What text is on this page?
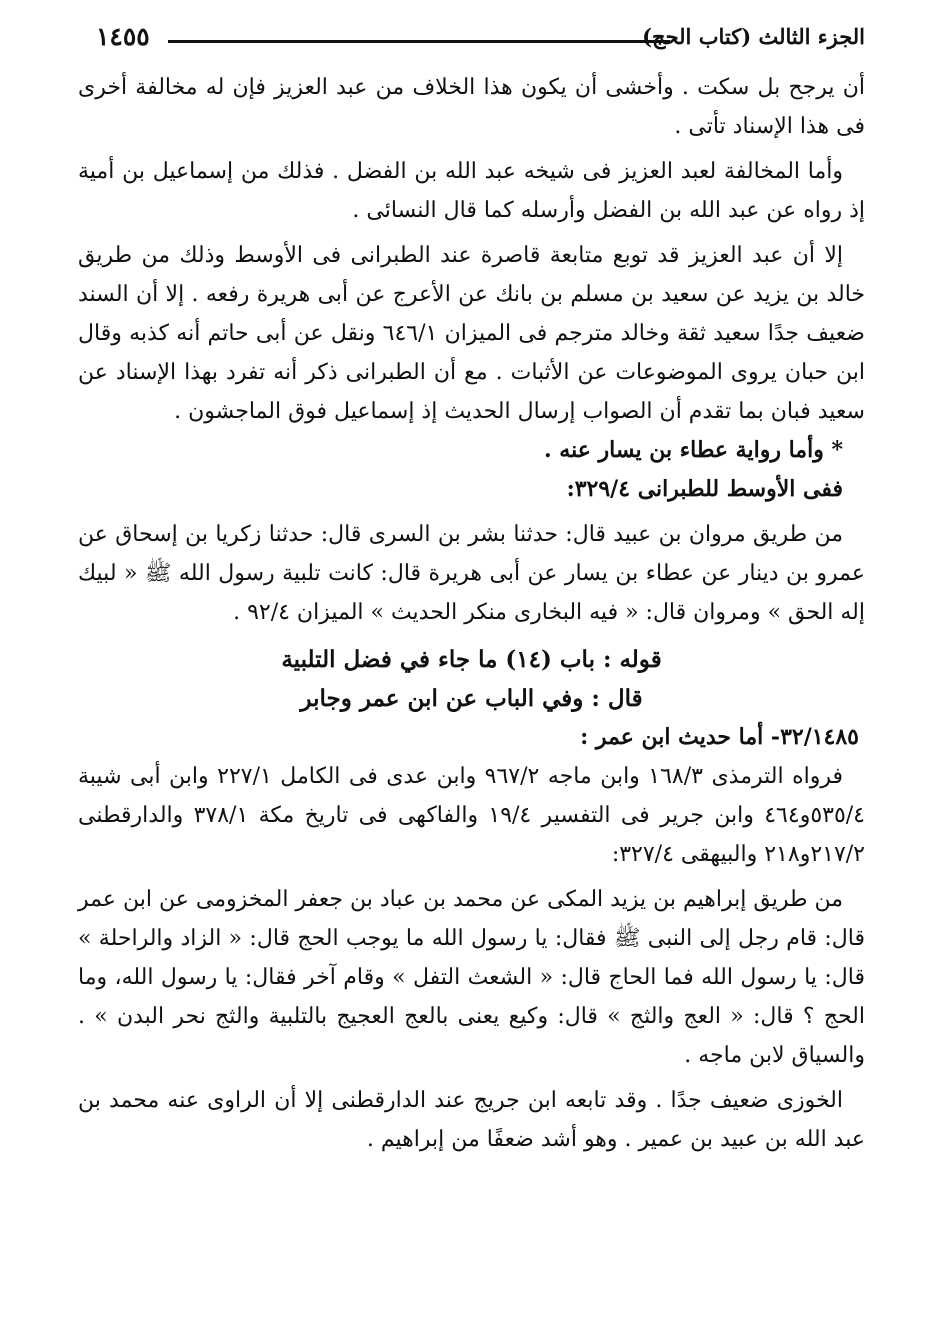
الجزء الثالث (كتاب الحج)
١٤٥٥

أن يرجح بل سكت . وأخشى أن يكون هذا الخلاف من عبد العزيز فإن له مخالفة أخرى فى هذا الإسناد تأتى .

وأما المخالفة لعبد العزيز فى شيخه عبد الله بن الفضل . فذلك من إسماعيل بن أمية إذ رواه عن عبد الله بن الفضل وأرسله كما قال النسائى .

إلا أن عبد العزيز قد توبع متابعة قاصرة عند الطبرانى فى الأوسط وذلك من طريق خالد بن يزيد عن سعيد بن مسلم بن بانك عن الأعرج عن أبى هريرة رفعه . إلا أن السند ضعيف جدًا سعيد ثقة وخالد مترجم فى الميزان ٦٤٦/١ ونقل عن أبى حاتم أنه كذبه وقال ابن حبان يروى الموضوعات عن الأثبات . مع أن الطبرانى ذكر أنه تفرد بهذا الإسناد عن سعيد فبان بما تقدم أن الصواب إرسال الحديث إذ إسماعيل فوق الماجشون .

* وأما رواية عطاء بن يسار عنه .

ففى الأوسط للطبرانى ٣٢٩/٤:

من طريق مروان بن عبيد قال: حدثنا بشر بن السرى قال: حدثنا زكريا بن إسحاق عن عمرو بن دينار عن عطاء بن يسار عن أبى هريرة قال: كانت تلبية رسول الله ﷺ « لبيك إله الحق » ومروان قال: « فيه البخارى منكر الحديث » الميزان ٩٢/٤ .

قوله : باب (١٤) ما جاء في فضل التلبية

قال : وفي الباب عن ابن عمر وجابر

٣٢/١٤٨٥- أما حديث ابن عمر :

فرواه الترمذى ١٦٨/٣ وابن ماجه ٩٦٧/٢ وابن عدى فى الكامل ٢٢٧/١ وابن أبى شيبة ٥٣٥/٤و٤٦٤ وابن جرير فى التفسير ١٩/٤ والفاكهى فى تاريخ مكة ٣٧٨/١ والدارقطنى ٢١٧/٢و٢١٨ والبيهقى ٣٢٧/٤:

من طريق إبراهيم بن يزيد المكى عن محمد بن عباد بن جعفر المخزومى عن ابن عمر قال: قام رجل إلى النبى ﷺ فقال: يا رسول الله ما يوجب الحج قال: « الزاد والراحلة » قال: يا رسول الله فما الحاج قال: « الشعث التفل » وقام آخر فقال: يا رسول الله، وما الحج ؟ قال: « العج والثج » قال: وكيع يعنى بالعج العجيج بالتلبية والثج نحر البدن » . والسياق لابن ماجه .

الخوزى ضعيف جدًا . وقد تابعه ابن جريج عند الدارقطنى إلا أن الراوى عنه محمد بن عبد الله بن عبيد بن عمير . وهو أشد ضعفًا من إبراهيم .
